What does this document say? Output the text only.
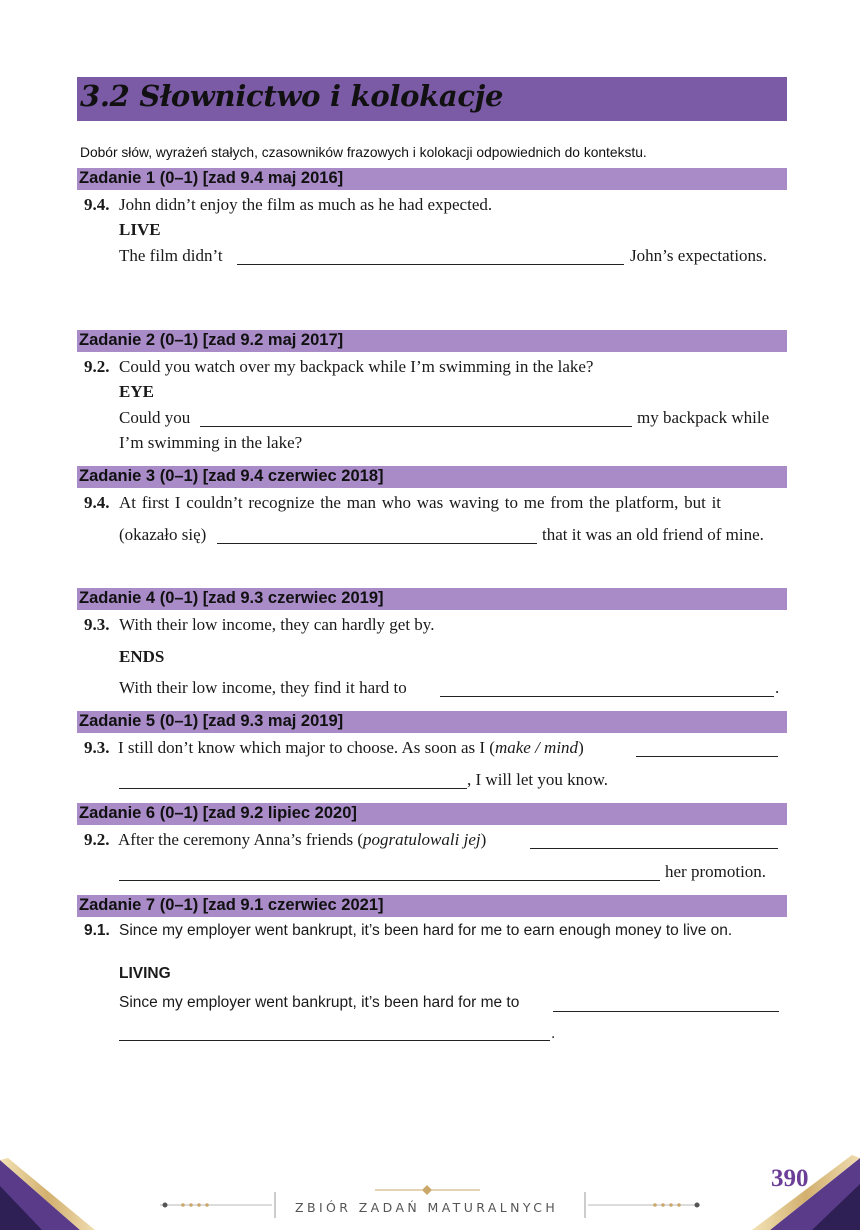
3.2 Słownictwo i kolokacje
Dobór słów, wyrażeń stałych, czasowników frazowych i kolokacji odpowiednich do kontekstu.
Zadanie 1 (0–1) [zad 9.4 maj 2016]
9.4. John didn’t enjoy the film as much as he had expected.
LIVE
The film didn’t	John’s expectations.
Zadanie 2 (0–1) [zad 9.2 maj 2017]
9.2. Could you watch over my backpack while I’m swimming in the lake?
EYE
Could you	my backpack while
I’m swimming in the lake?
Zadanie 3 (0–1) [zad 9.4 czerwiec 2018]
9.4. At first I couldn’t recognize the man who was waving to me from the platform, but it
(okazało się)	that it was an old friend of mine.
Zadanie 4 (0–1) [zad 9.3 czerwiec 2019]
9.3. With their low income, they can hardly get by.
ENDS
With their low income, they find it hard to	.
Zadanie 5 (0–1) [zad 9.3 maj 2019]
9.3. I still don’t know which major to choose. As soon as I (make / mind)
, I will let you know.
Zadanie 6 (0–1) [zad 9.2 lipiec 2020]
9.2. After the ceremony Anna’s friends (pogratulowali jej)
her promotion.
Zadanie 7 (0–1) [zad 9.1 czerwiec 2021]
9.1. Since my employer went bankrupt, it’s been hard for me to earn enough money to live on.
LIVING
Since my employer went bankrupt, it’s been hard for me to
.
390
ZBIÓR ZADAŃ MATURALNYCH
